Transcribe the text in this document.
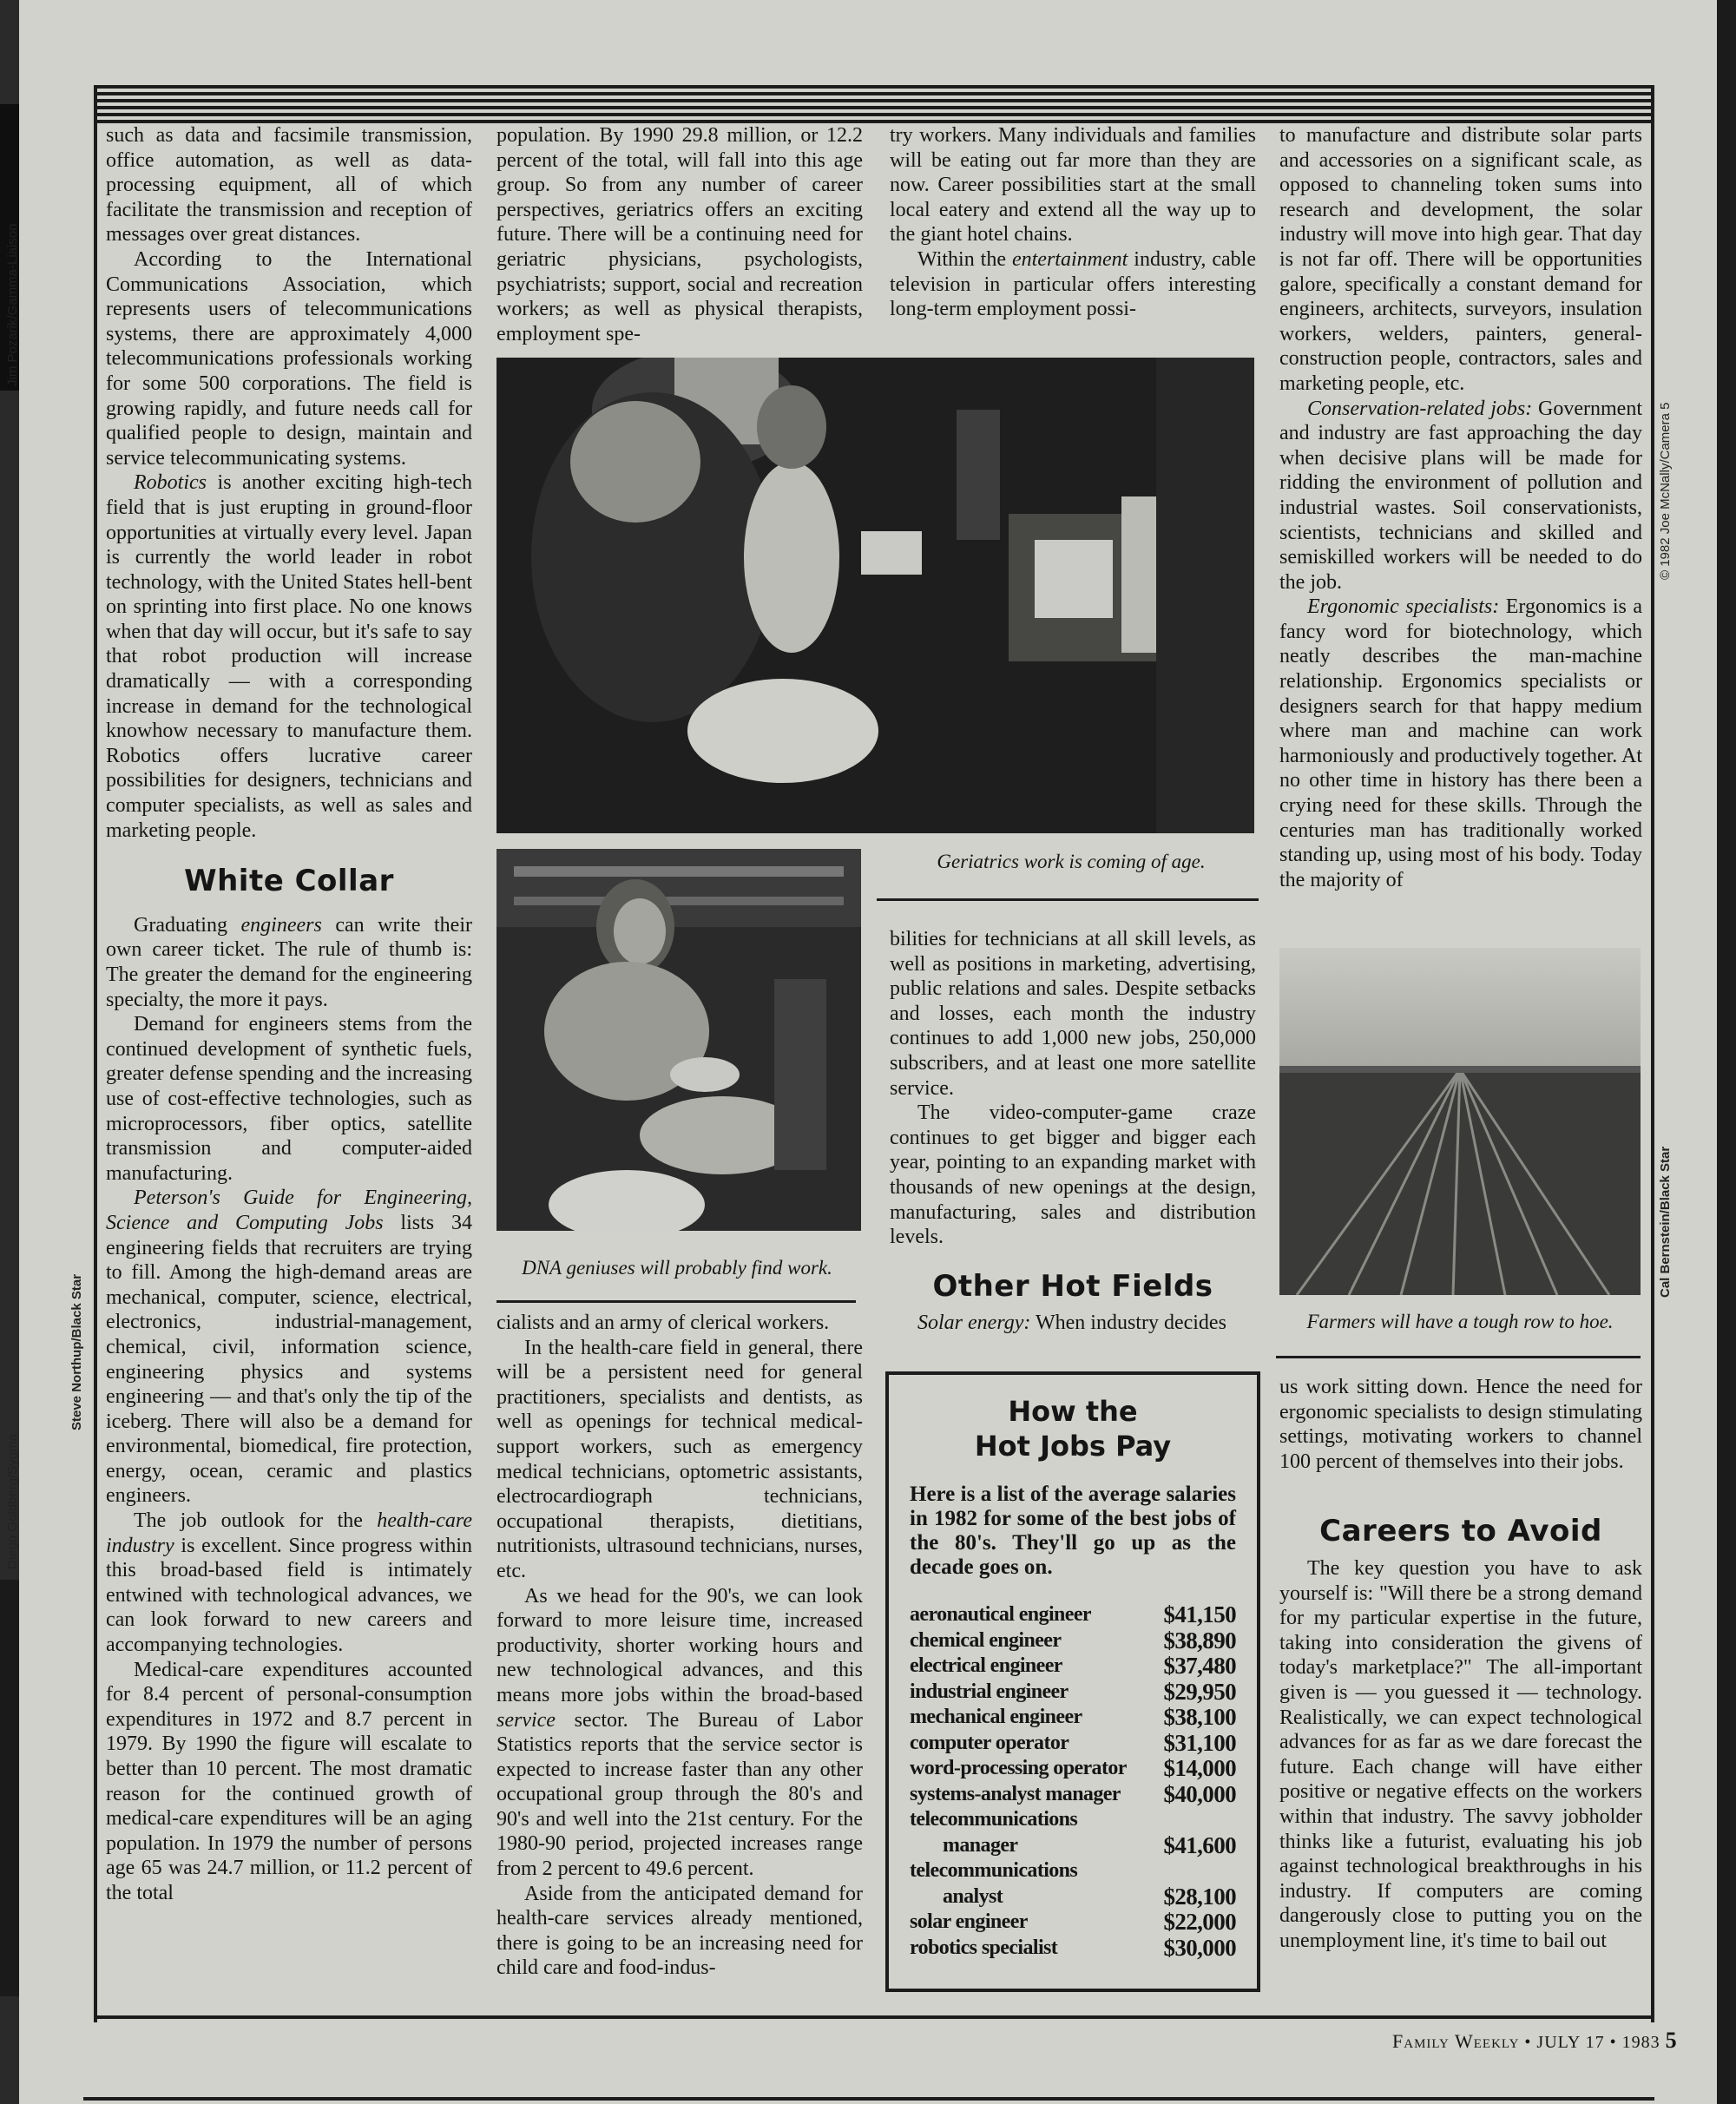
Jim Pozarik/Gamma-Liaison
Steve Northup/Black Star
Diego Goldberg/Sygma
© 1982 Joe McNally/Camera 5
Cal Bernstein/Black Star

such as data and facsimile transmission, office automation, as well as data-processing equipment, all of which facilitate the transmission and reception of messages over great distances.

According to the International Communications Association, which represents users of telecommunications systems, there are approximately 4,000 telecommunications professionals working for some 500 corporations. The field is growing rapidly, and future needs call for qualified people to design, maintain and service telecommunicating systems.

Robotics is another exciting high-tech field that is just erupting in ground-floor opportunities at virtually every level. Japan is currently the world leader in robot technology, with the United States hell-bent on sprinting into first place. No one knows when that day will occur, but it's safe to say that robot production will increase dramatically — with a corresponding increase in demand for the technological knowhow necessary to manufacture them. Robotics offers lucrative career possibilities for designers, technicians and computer specialists, as well as sales and marketing people.

White Collar

Graduating engineers can write their own career ticket. The rule of thumb is: The greater the demand for the engineering specialty, the more it pays.

Demand for engineers stems from the continued development of synthetic fuels, greater defense spending and the increasing use of cost-effective technologies, such as microprocessors, fiber optics, satellite transmission and computer-aided manufacturing.

Peterson's Guide for Engineering, Science and Computing Jobs lists 34 engineering fields that recruiters are trying to fill. Among the high-demand areas are mechanical, computer, science, electrical, electronics, industrial-management, chemical, civil, information science, engineering physics and systems engineering — and that's only the tip of the iceberg. There will also be a demand for environmental, biomedical, fire protection, energy, ocean, ceramic and plastics engineers.

The job outlook for the health-care industry is excellent. Since progress within this broad-based field is intimately entwined with technological advances, we can look forward to new careers and accompanying technologies.

Medical-care expenditures accounted for 8.4 percent of personal-consumption expenditures in 1972 and 8.7 percent in 1979. By 1990 the figure will escalate to better than 10 percent. The most dramatic reason for the continued growth of medical-care expenditures will be an aging population. In 1979 the number of persons age 65 was 24.7 million, or 11.2 percent of the total

population. By 1990 29.8 million, or 12.2 percent of the total, will fall into this age group. So from any number of career perspectives, geriatrics offers an exciting future. There will be a continuing need for geriatric physicians, psychologists, psychiatrists; support, social and recreation workers; as well as physical therapists, employment spe-

try workers. Many individuals and families will be eating out far more than they are now. Career possibilities start at the small local eatery and extend all the way up to the giant hotel chains.

Within the entertainment industry, cable television in particular offers interesting long-term employment possi-

Geriatrics work is coming of age.
DNA geniuses will probably find work.

bilities for technicians at all skill levels, as well as positions in marketing, advertising, public relations and sales. Despite setbacks and losses, each month the industry continues to add 1,000 new jobs, 250,000 subscribers, and at least one more satellite service.

The video-computer-game craze continues to get bigger and bigger each year, pointing to an expanding market with thousands of new openings at the design, manufacturing, sales and distribution levels.

Other Hot Fields

Solar energy: When industry decides

cialists and an army of clerical workers.

In the health-care field in general, there will be a persistent need for general practitioners, specialists and dentists, as well as openings for technical medical-support workers, such as emergency medical technicians, optometric assistants, electrocardiograph technicians, occupational therapists, dietitians, nutritionists, ultrasound technicians, nurses, etc.

As we head for the 90's, we can look forward to more leisure time, increased productivity, shorter working hours and new technological advances, and this means more jobs within the broad-based service sector. The Bureau of Labor Statistics reports that the service sector is expected to increase faster than any other occupational group through the 80's and 90's and well into the 21st century. For the 1980-90 period, projected increases range from 2 percent to 49.6 percent.

Aside from the anticipated demand for health-care services already mentioned, there is going to be an increasing need for child care and food-indus-

How the
Hot Jobs Pay
Here is a list of the average salaries in 1982 for some of the best jobs of the 80's. They'll go up as the decade goes on.
aeronautical engineer	$41,150
chemical engineer	$38,890
electrical engineer	$37,480
industrial engineer	$29,950
mechanical engineer	$38,100
computer operator	$31,100
word-processing operator	$14,000
systems-analyst manager	$40,000
telecommunications	
manager	$41,600
telecommunications	
analyst	$28,100
solar engineer	$22,000
robotics specialist	$30,000

to manufacture and distribute solar parts and accessories on a significant scale, as opposed to channeling token sums into research and development, the solar industry will move into high gear. That day is not far off. There will be opportunities galore, specifically a constant demand for engineers, architects, surveyors, insulation workers, welders, painters, general-construction people, contractors, sales and marketing people, etc.

Conservation-related jobs: Government and industry are fast approaching the day when decisive plans will be made for ridding the environment of pollution and industrial wastes. Soil conservationists, scientists, technicians and skilled and semiskilled workers will be needed to do the job.

Ergonomic specialists: Ergonomics is a fancy word for biotechnology, which neatly describes the man-machine relationship. Ergonomics specialists or designers search for that happy medium where man and machine can work harmoniously and productively together. At no other time in history has there been a crying need for these skills. Through the centuries man has traditionally worked standing up, using most of his body. Today the majority of

Farmers will have a tough row to hoe.

us work sitting down. Hence the need for ergonomic specialists to design stimulating settings, motivating workers to channel 100 percent of themselves into their jobs.

Careers to Avoid

The key question you have to ask yourself is: "Will there be a strong demand for my particular expertise in the future, taking into consideration the givens of today's marketplace?" The all-important given is — you guessed it — technology. Realistically, we can expect technological advances for as far as we dare forecast the future. Each change will have either positive or negative effects on the workers within that industry. The savvy jobholder thinks like a futurist, evaluating his job against technological breakthroughs in his industry. If computers are coming dangerously close to putting you on the unemployment line, it's time to bail out

Family Weekly • JULY 17 • 1983 5
